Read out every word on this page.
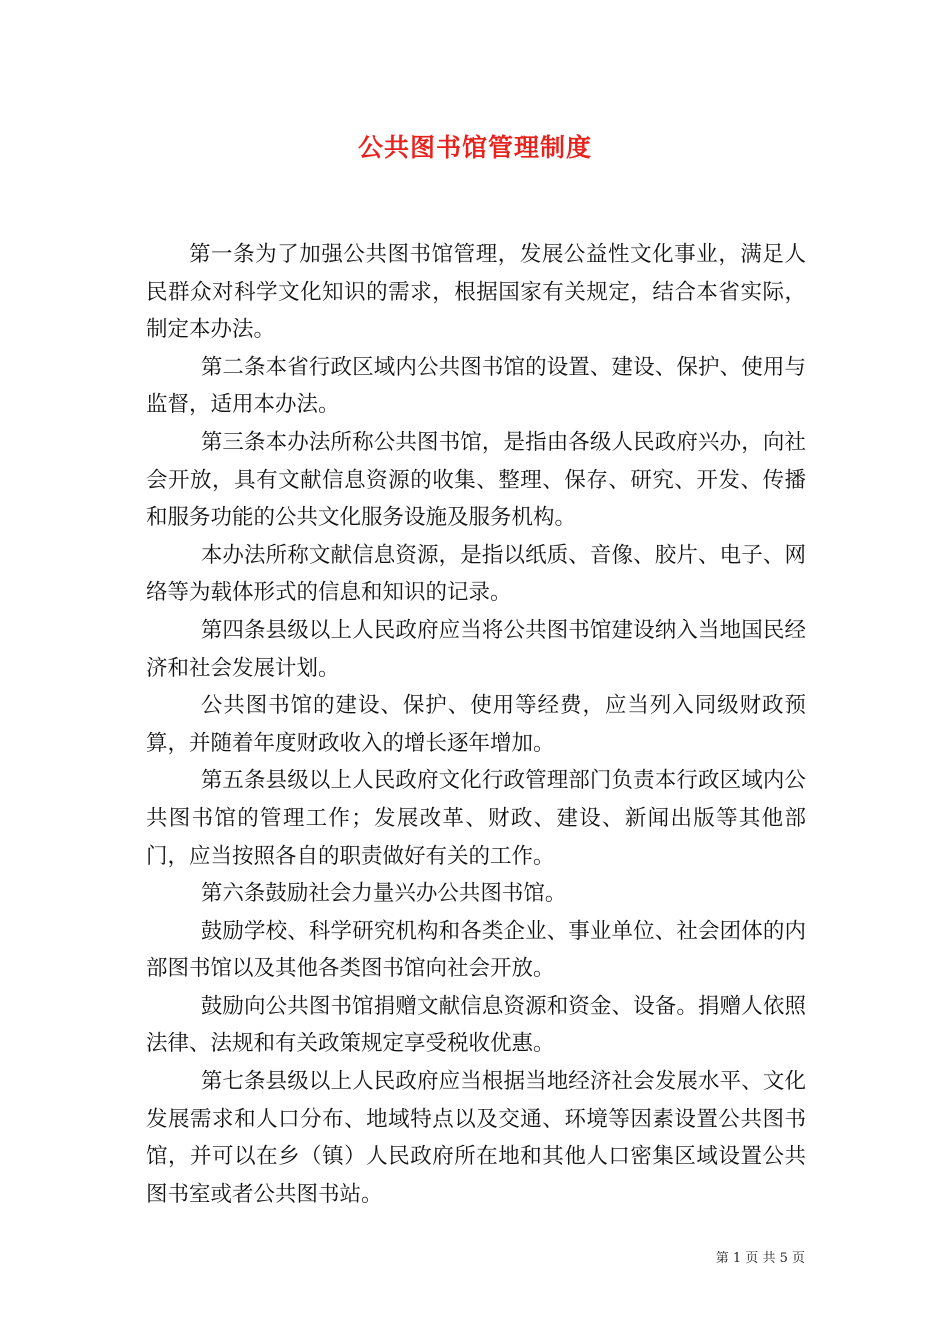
公共图书馆管理制度

第一条为了加强公共图书馆管理，发展公益性文化事业，满足人民群众对科学文化知识的需求，根据国家有关规定，结合本省实际，制定本办法。

第二条本省行政区域内公共图书馆的设置、建设、保护、使用与监督，适用本办法。

第三条本办法所称公共图书馆，是指由各级人民政府兴办，向社会开放，具有文献信息资源的收集、整理、保存、研究、开发、传播和服务功能的公共文化服务设施及服务机构。

本办法所称文献信息资源，是指以纸质、音像、胶片、电子、网络等为载体形式的信息和知识的记录。

第四条县级以上人民政府应当将公共图书馆建设纳入当地国民经济和社会发展计划。

公共图书馆的建设、保护、使用等经费，应当列入同级财政预算，并随着年度财政收入的增长逐年增加。

第五条县级以上人民政府文化行政管理部门负责本行政区域内公共图书馆的管理工作；发展改革、财政、建设、新闻出版等其他部门，应当按照各自的职责做好有关的工作。

第六条鼓励社会力量兴办公共图书馆。

鼓励学校、科学研究机构和各类企业、事业单位、社会团体的内部图书馆以及其他各类图书馆向社会开放。

鼓励向公共图书馆捐赠文献信息资源和资金、设备。捐赠人依照法律、法规和有关政策规定享受税收优惠。

第七条县级以上人民政府应当根据当地经济社会发展水平、文化发展需求和人口分布、地域特点以及交通、环境等因素设置公共图书馆，并可以在乡（镇）人民政府所在地和其他人口密集区域设置公共图书室或者公共图书站。

第 1 页 共 5 页
